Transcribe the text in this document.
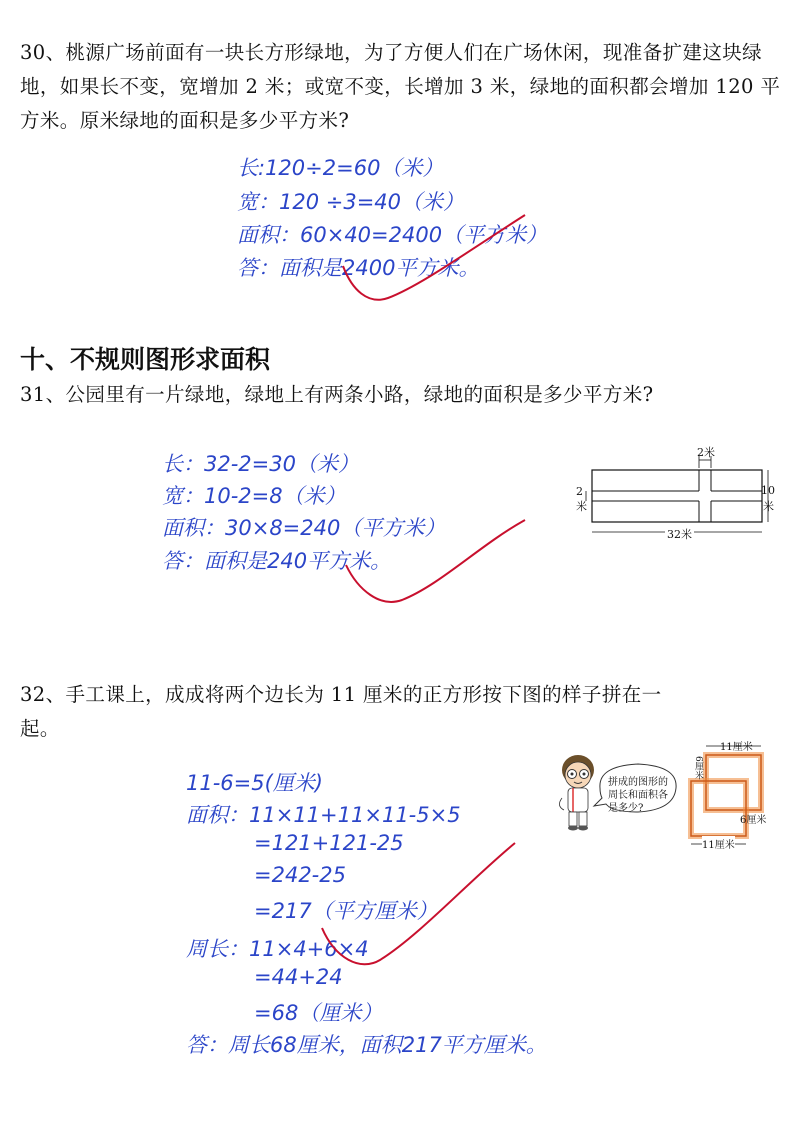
30、桃源广场前面有一块长方形绿地，为了方便人们在广场休闲，现准备扩建这块绿地，如果长不变，宽增加 2 米；或宽不变，长增加 3 米，绿地的面积都会增加 120 平方米。原米绿地的面积是多少平方米?
长:120÷2=60（米）
宽：120 ÷3=40（米）
面积：60×40=2400（平方米）
答：面积是2400平方米。
十、不规则图形求面积
31、公园里有一片绿地，绿地上有两条小路，绿地的面积是多少平方米?
长：32-2=30（米）
宽：10-2=8（米）
面积：30×8=240（平方米）
答：面积是240平方米。
2米
2
米
10
米
32米
32、手工课上，成成将两个边长为 11 厘米的正方形按下图的样子拼在一
起。
11-6=5(厘米)
面积：11×11+11×11-5×5
=121+121-25
=242-25
=217（平方厘米）
周长：11×4+6×4
=44+24
=68（厘米）
答：周长68厘米，面积217平方厘米。
拼成的图形的
周长和面积各
是多少?
11厘米
6厘米
6厘米
11厘米
